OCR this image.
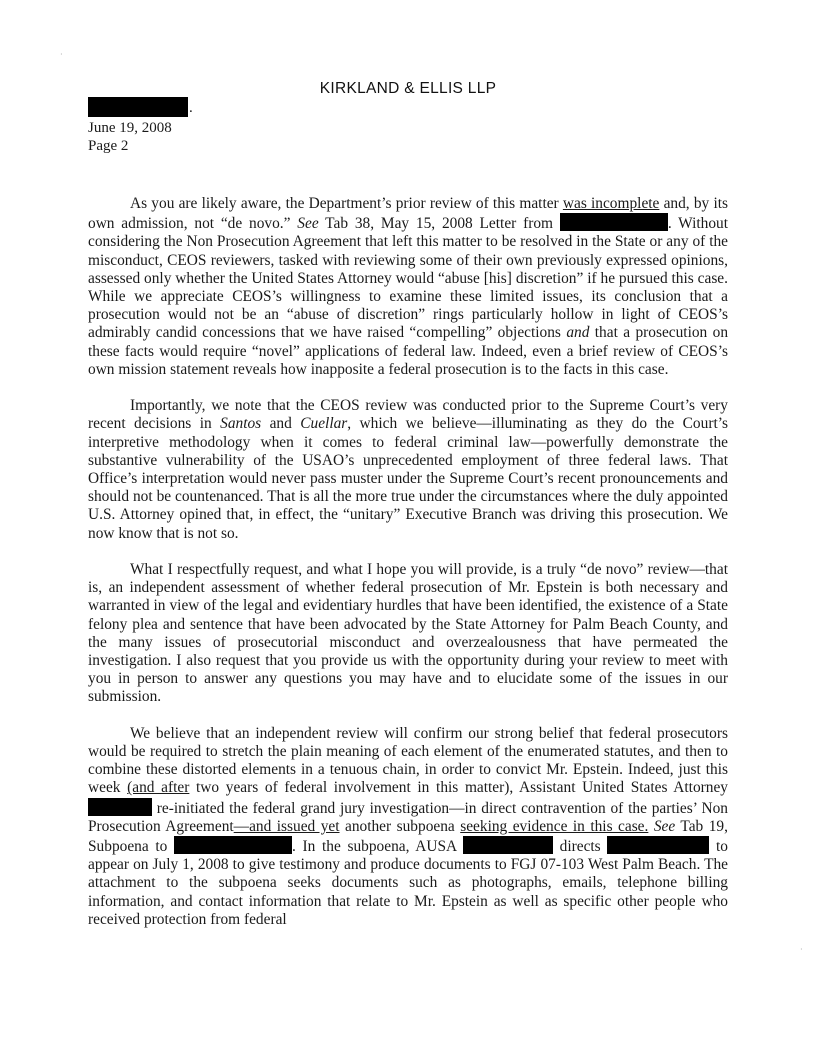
KIRKLAND & ELLIS LLP
.
June 19, 2008
Page 2

As you are likely aware, the Department’s prior review of this matter was incomplete and, by its own admission, not “de novo.” See Tab 38, May 15, 2008 Letter from	. Without considering the Non Prosecution Agreement that left this matter to be resolved in the State or any of the misconduct, CEOS reviewers, tasked with reviewing some of their own previously expressed opinions, assessed only whether the United States Attorney would “abuse [his] discretion” if he pursued this case. While we appreciate CEOS’s willingness to examine these limited issues, its conclusion that a prosecution would not be an “abuse of discretion” rings particularly hollow in light of CEOS’s admirably candid concessions that we have raised “compelling” objections and that a prosecution on these facts would require “novel” applications of federal law. Indeed, even a brief review of CEOS’s own mission statement reveals how inapposite a federal prosecution is to the facts in this case.

Importantly, we note that the CEOS review was conducted prior to the Supreme Court’s very recent decisions in Santos and Cuellar, which we believe—illuminating as they do the Court’s interpretive methodology when it comes to federal criminal law—powerfully demonstrate the substantive vulnerability of the USAO’s unprecedented employment of three federal laws. That Office’s interpretation would never pass muster under the Supreme Court’s recent pronouncements and should not be countenanced. That is all the more true under the circumstances where the duly appointed U.S. Attorney opined that, in effect, the “unitary” Executive Branch was driving this prosecution. We now know that is not so.

What I respectfully request, and what I hope you will provide, is a truly “de novo” review—that is, an independent assessment of whether federal prosecution of Mr. Epstein is both necessary and warranted in view of the legal and evidentiary hurdles that have been identified, the existence of a State felony plea and sentence that have been advocated by the State Attorney for Palm Beach County, and the many issues of prosecutorial misconduct and overzealousness that have permeated the investigation. I also request that you provide us with the opportunity during your review to meet with you in person to answer any questions you may have and to elucidate some of the issues in our submission.

We believe that an independent review will confirm our strong belief that federal prosecutors would be required to stretch the plain meaning of each element of the enumerated statutes, and then to combine these distorted elements in a tenuous chain, in order to convict Mr. Epstein. Indeed, just this week (and after two years of federal involvement in this matter), Assistant United States Attorney  re-initiated the federal grand jury investigation—in direct contravention of the parties’ Non Prosecution Agreement—and issued yet another subpoena seeking evidence in this case. See Tab 19, Subpoena to	. In the subpoena, AUSA	directs	to appear on July 1, 2008 to give testimony and produce documents to FGJ 07-103 West Palm Beach. The attachment to the subpoena seeks documents such as photographs, emails, telephone billing information, and contact information that relate to Mr. Epstein as well as specific other people who received protection from federal

·
·
